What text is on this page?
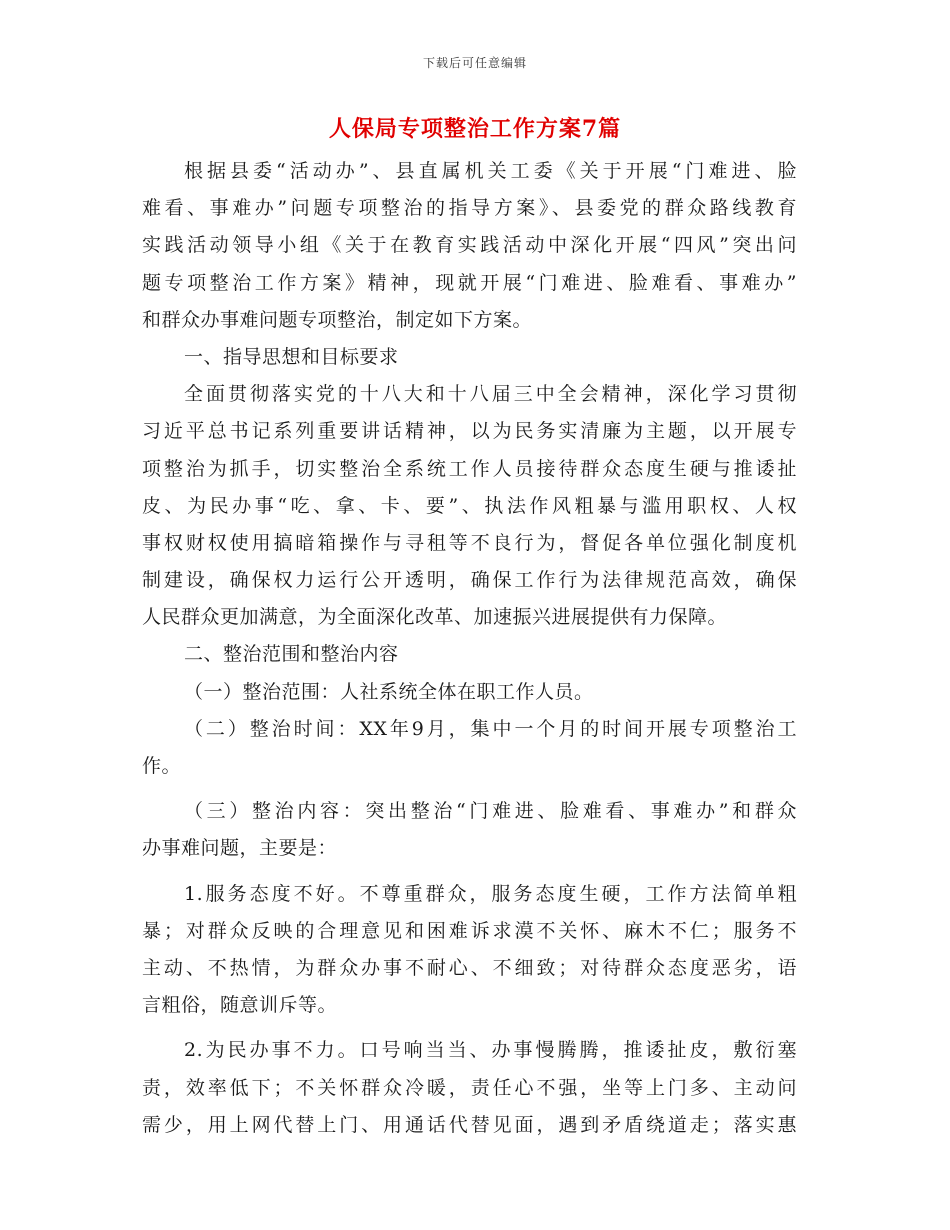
下载后可任意编辑
人保局专项整治工作方案7篇
根据县委“活动办”、县直属机关工委《关于开展“门难进、脸
难看、事难办”问题专项整治的指导方案》、县委党的群众路线教育
实践活动领导小组《关于在教育实践活动中深化开展“四风”突出问
题专项整治工作方案》精神，现就开展“门难进、脸难看、事难办”
和群众办事难问题专项整治，制定如下方案。
一、指导思想和目标要求
全面贯彻落实党的十八大和十八届三中全会精神，深化学习贯彻
习近平总书记系列重要讲话精神，以为民务实清廉为主题，以开展专
项整治为抓手，切实整治全系统工作人员接待群众态度生硬与推诿扯
皮、为民办事“吃、拿、卡、要”、执法作风粗暴与滥用职权、人权
事权财权使用搞暗箱操作与寻租等不良行为，督促各单位强化制度机
制建设，确保权力运行公开透明，确保工作行为法律规范高效，确保
人民群众更加满意，为全面深化改革、加速振兴进展提供有力保障。
二、整治范围和整治内容
（一）整治范围：人社系统全体在职工作人员。
（二）整治时间：XX年9月，集中一个月的时间开展专项整治工
作。
（三）整治内容：突出整治“门难进、脸难看、事难办”和群众
办事难问题，主要是：
1.服务态度不好。不尊重群众，服务态度生硬，工作方法简单粗
暴；对群众反映的合理意见和困难诉求漠不关怀、麻木不仁；服务不
主动、不热情，为群众办事不耐心、不细致；对待群众态度恶劣，语
言粗俗，随意训斥等。
2.为民办事不力。口号响当当、办事慢腾腾，推诿扯皮，敷衍塞
责，效率低下；不关怀群众冷暖，责任心不强，坐等上门多、主动问
需少，用上网代替上门、用通话代替见面，遇到矛盾绕道走；落实惠
